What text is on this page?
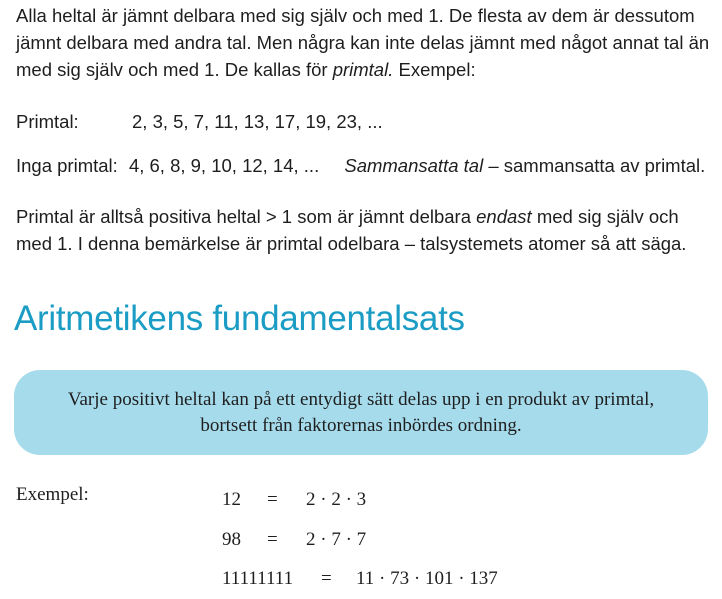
Alla heltal är jämnt delbara med sig själv och med 1. De flesta av dem är dessutom jämnt delbara med andra tal. Men några kan inte delas jämnt med något annat tal än med sig själv och med 1. De kallas för primtal. Exempel:

Primtal:	2, 3, 5, 7, 11, 13, 17, 19, 23, ...
Inga primtal: 4, 6, 8, 9, 10, 12, 14, ... Sammansatta tal – sammansatta av primtal.

Primtal är alltså positiva heltal > 1 som är jämnt delbara endast med sig själv och med 1. I denna bemärkelse är primtal odelbara – talsystemets atomer så att säga.

Aritmetikens fundamentalsats
Varje positivt heltal kan på ett entydigt sätt delas upp i en produkt av primtal,
bortsett från faktorernas inbördes ordning.
Exempel:	12 = 2 · 2 · 3
98 = 2 · 7 · 7
11111111 = 11 · 73 · 101 · 137
